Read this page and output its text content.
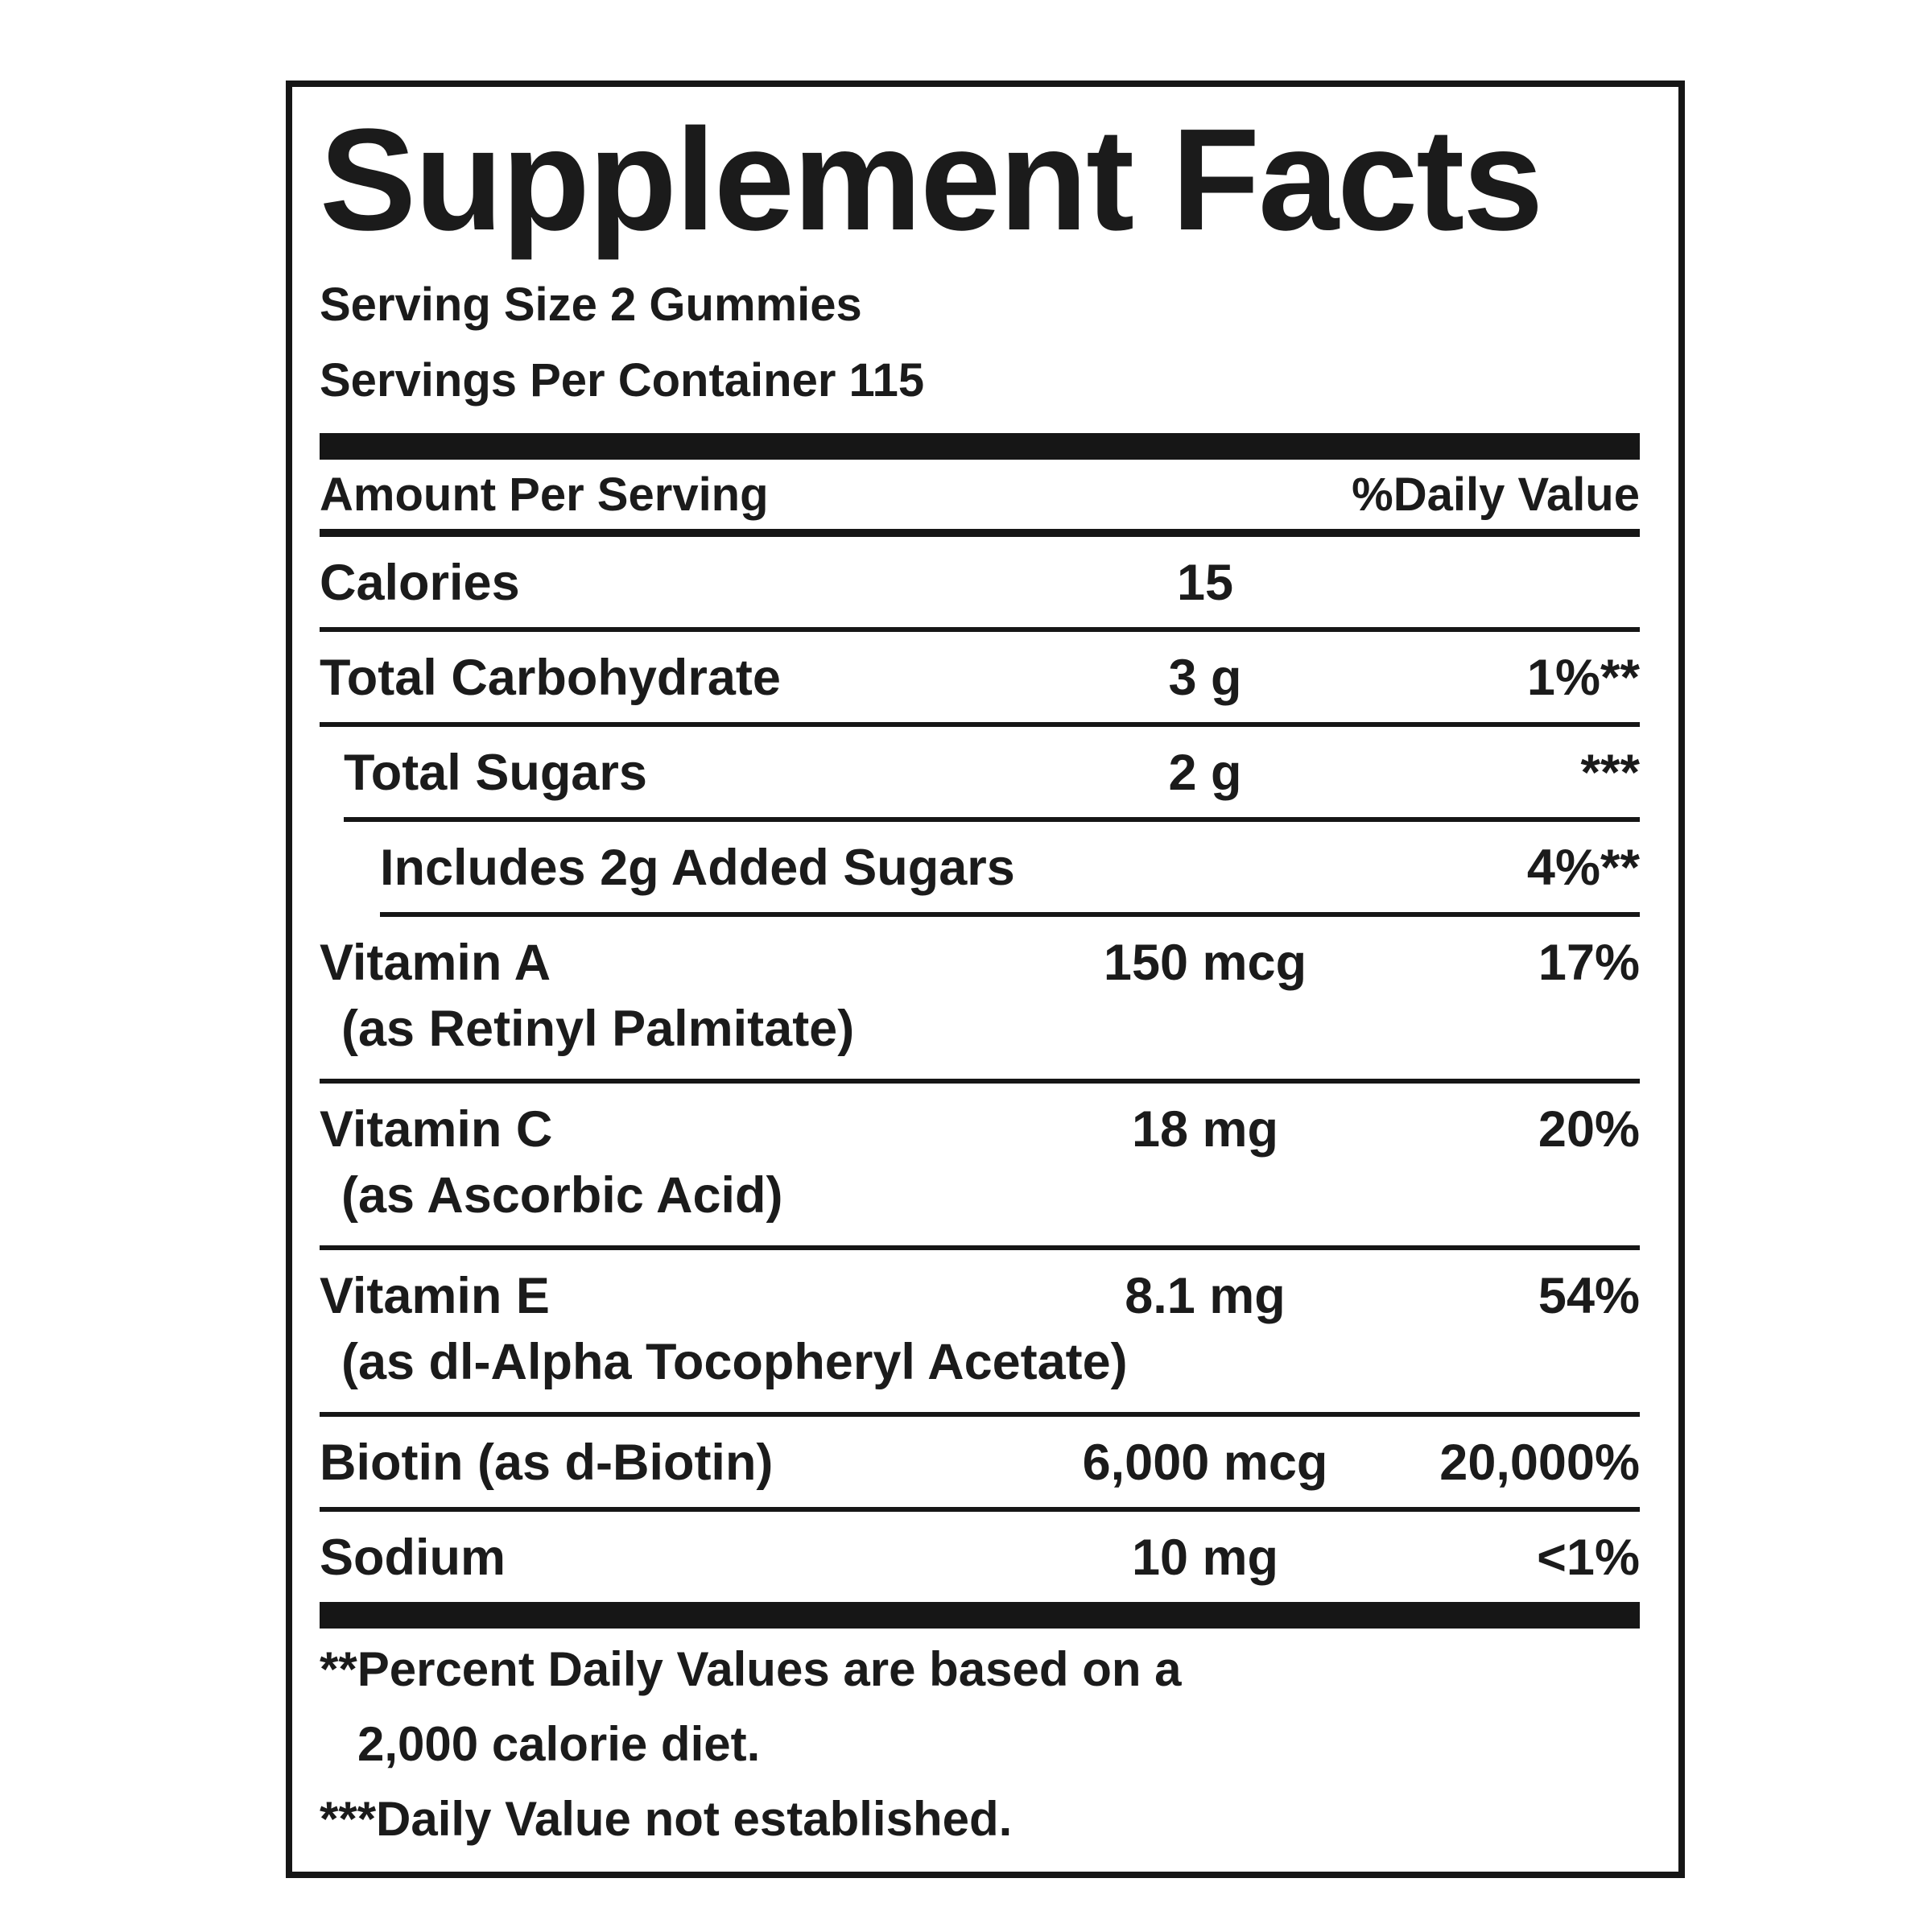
Supplement Facts
Serving Size 2 Gummies
Servings Per Container 115
Amount Per Serving	%Daily Value
Calories	15
Total Carbohydrate	3 g	1%**
Total Sugars	2 g	***
Includes 2g Added Sugars	4%**
Vitamin A	150 mcg	17%
(as Retinyl Palmitate)
Vitamin C	18 mg	20%
(as Ascorbic Acid)
Vitamin E	8.1 mg	54%
(as dl-Alpha Tocopheryl Acetate)
Biotin (as d-Biotin)	6,000 mcg	20,000%
Sodium	10 mg	<1%
**Percent Daily Values are based on a
2,000 calorie diet.
***Daily Value not established.
